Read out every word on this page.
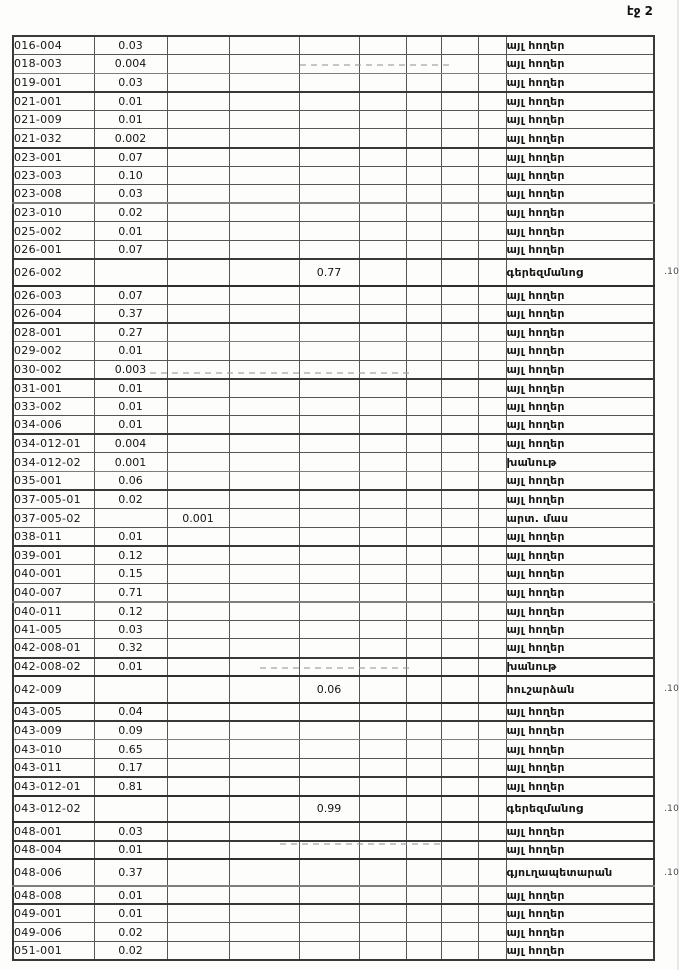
էջ 2
016-004	0.03								այլ հողեր

018-003	0.004								այլ հողեր

019-001	0.03								այլ հողեր

021-001	0.01								այլ հողեր

021-009	0.01								այլ հողեր

021-032	0.002								այլ հողեր

023-001	0.07								այլ հողեր

023-003	0.10								այլ հողեր

023-008	0.03								այլ հողեր

023-010	0.02								այլ հողեր

025-002	0.01								այլ հողեր

026-001	0.07								այլ հողեր

026-002				0.77					գերեզմանոց .10

026-003	0.07								այլ հողեր

026-004	0.37								այլ հողեր

028-001	0.27								այլ հողեր

029-002	0.01								այլ հողեր

030-002	0.003								այլ հողեր

031-001	0.01								այլ հողեր

033-002	0.01								այլ հողեր

034-006	0.01								այլ հողեր

034-012-01	0.004								այլ հողեր

034-012-02	0.001								խանութ

035-001	0.06								այլ հողեր

037-005-01	0.02								այլ հողեր

037-005-02		0.001							արտ. մաս

038-011	0.01								այլ հողեր

039-001	0.12								այլ հողեր

040-001	0.15								այլ հողեր

040-007	0.71								այլ հողեր

040-011	0.12								այլ հողեր

041-005	0.03								այլ հողեր

042-008-01	0.32								այլ հողեր

042-008-02	0.01								խանութ

042-009				0.06					հուշարձան .10

043-005	0.04								այլ հողեր

043-009	0.09								այլ հողեր

043-010	0.65								այլ հողեր

043-011	0.17								այլ հողեր

043-012-01	0.81								այլ հողեր

043-012-02				0.99					գերեզմանոց .10

048-001	0.03								այլ հողեր

048-004	0.01								այլ հողեր

048-006	0.37								գյուղապետարան .10

048-008	0.01								այլ հողեր

049-001	0.01								այլ հողեր

049-006	0.02								այլ հողեր

051-001	0.02								այլ հողեր
